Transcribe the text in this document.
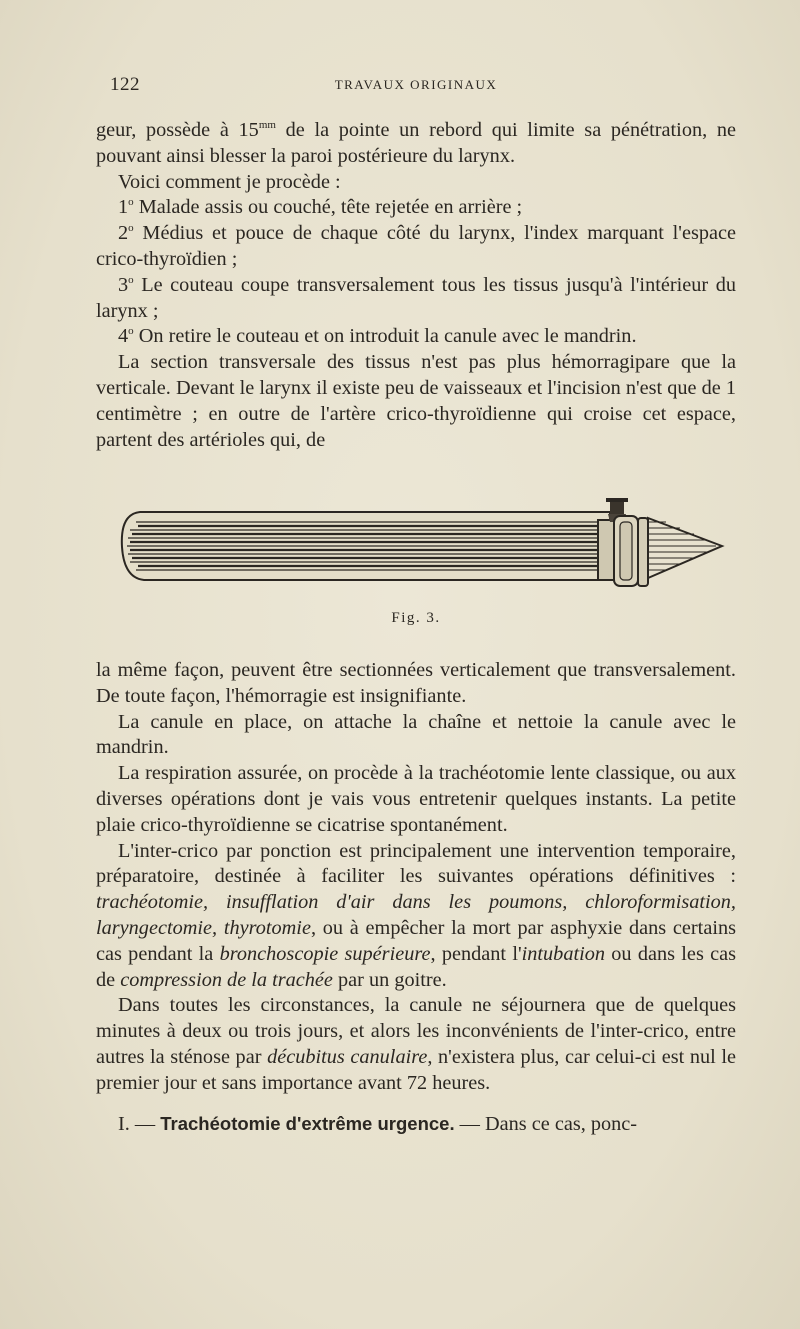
122	TRAVAUX ORIGINAUX

geur, possède à $15^{mm}$ de la pointe un rebord qui limite sa pénétration, ne pouvant ainsi blesser la paroi postérieure du larynx.

Voici comment je procède :

1$^o$ Malade assis ou couché, tête rejetée en arrière ;

2$^o$ Médius et pouce de chaque côté du larynx, l'index marquant l'espace crico-thyroïdien ;

3$^o$ Le couteau coupe transversalement tous les tissus jusqu'à l'intérieur du larynx ;

4$^o$ On retire le couteau et on introduit la canule avec le mandrin.

La section transversale des tissus n'est pas plus hémorragipare que la verticale. Devant le larynx il existe peu de vaisseaux et l'incision n'est que de 1 centimètre ; en outre de l'artère crico-thyroïdienne qui croise cet espace, partent des artérioles qui, de

Fig. 3.

la même façon, peuvent être sectionnées verticalement que transversalement. De toute façon, l'hémorragie est insignifiante.

La canule en place, on attache la chaîne et nettoie la canule avec le mandrin.

La respiration assurée, on procède à la trachéotomie lente classique, ou aux diverses opérations dont je vais vous entretenir quelques instants. La petite plaie crico-thyroïdienne se cicatrise spontanément.

L'inter-crico par ponction est principalement une intervention temporaire, préparatoire, destinée à faciliter les suivantes opérations définitives : trachéotomie, insufflation d'air dans les poumons, chloroformisation, laryngectomie, thyrotomie, ou à empêcher la mort par asphyxie dans certains cas pendant la bronchoscopie supérieure, pendant l'intubation ou dans les cas de compression de la trachée par un goitre.

Dans toutes les circonstances, la canule ne séjournera que de quelques minutes à deux ou trois jours, et alors les inconvénients de l'inter-crico, entre autres la sténose par décubitus canulaire, n'existera plus, car celui-ci est nul le premier jour et sans importance avant 72 heures.

I. — Trachéotomie d'extrême urgence. — Dans ce cas, ponc-
